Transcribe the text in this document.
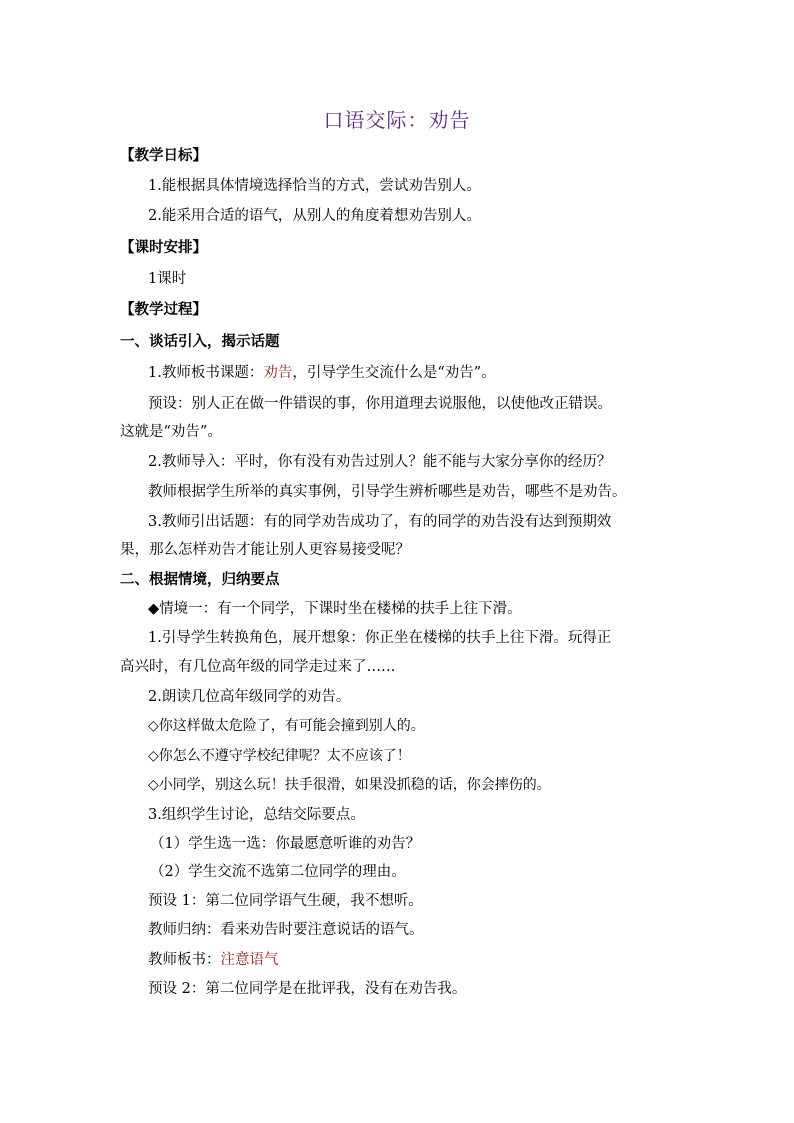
口语交际：劝告
【教学日标】
1.能根据具体情境选择恰当的方式，尝试劝告别人。
2.能采用合适的语气，从别人的角度着想劝告别人。
【课时安排】
1课时
【教学过程】
一、谈话引入，揭示话题
1.教师板书课题：劝告，引导学生交流什么是“劝告”。
预设：别人正在做一件错误的事，你用道理去说服他，以使他改正错误。
这就是“劝告”。
2.教师导入：平时，你有没有劝告过别人？能不能与大家分享你的经历？
教师根据学生所举的真实事例，引导学生辨析哪些是劝告，哪些不是劝告。
3.教师引出话题：有的同学劝告成功了，有的同学的劝告没有达到预期效
果，那么怎样劝告才能让别人更容易接受呢？
二、根据情境，归纳要点
◆情境一：有一个同学，下课时坐在楼梯的扶手上往下滑。
1.引导学生转换角色，展开想象：你正坐在楼梯的扶手上往下滑。玩得正
高兴时，有几位高年级的同学走过来了……
2.朗读几位高年级同学的劝告。
◇你这样做太危险了，有可能会撞到别人的。
◇你怎么不遵守学校纪律呢？太不应该了！
◇小同学，别这么玩！扶手很滑，如果没抓稳的话，你会摔伤的。
3.组织学生讨论，总结交际要点。
（1）学生选一选：你最愿意听谁的劝告？
（2）学生交流不选第二位同学的理由。
预设 1：第二位同学语气生硬，我不想听。
教师归纳：看来劝告时要注意说话的语气。
教师板书：注意语气
预设 2：第二位同学是在批评我，没有在劝告我。
